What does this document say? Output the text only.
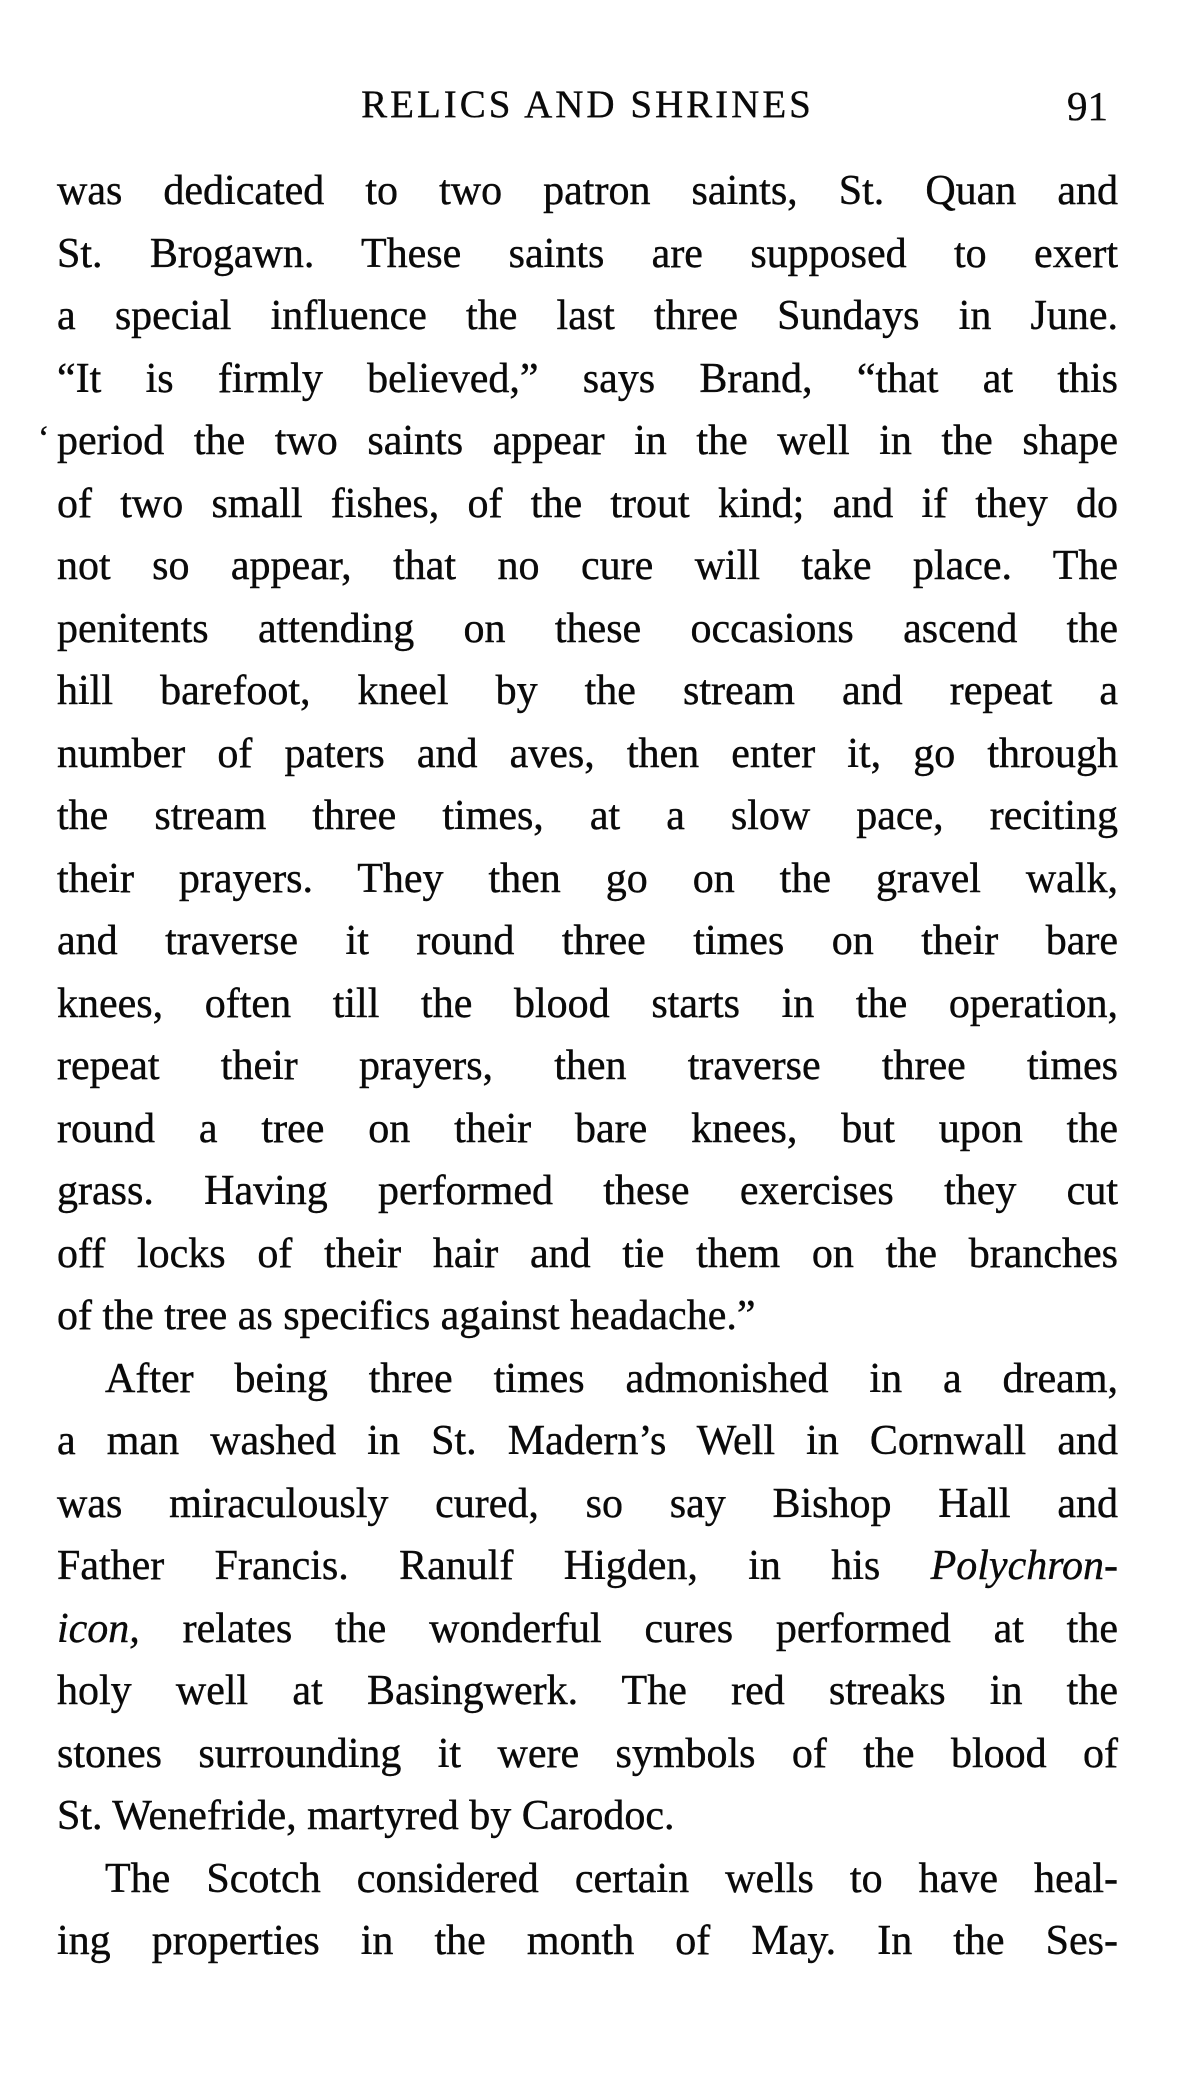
RELICS AND SHRINES	91
‘
was dedicated to two patron saints, St. Quan and
St. Brogawn. These saints are supposed to exert
a special influence the last three Sundays in June.
“It is firmly believed,” says Brand, “that at this
period the two saints appear in the well in the shape
of two small fishes, of the trout kind; and if they do
not so appear, that no cure will take place. The
penitents attending on these occasions ascend the
hill barefoot, kneel by the stream and repeat a
number of paters and aves, then enter it, go through
the stream three times, at a slow pace, reciting
their prayers. They then go on the gravel walk,
and traverse it round three times on their bare
knees, often till the blood starts in the operation,
repeat their prayers, then traverse three times
round a tree on their bare knees, but upon the
grass. Having performed these exercises they cut
off locks of their hair and tie them on the branches
of the tree as specifics against headache.”
After being three times admonished in a dream,
a man washed in St. Madern’s Well in Cornwall and
was miraculously cured, so say Bishop Hall and
Father Francis. Ranulf Higden, in his Polychron-
icon, relates the wonderful cures performed at the
holy well at Basingwerk. The red streaks in the
stones surrounding it were symbols of the blood of
St. Wenefride, martyred by Carodoc.
The Scotch considered certain wells to have heal-
ing properties in the month of May. In the Ses-
